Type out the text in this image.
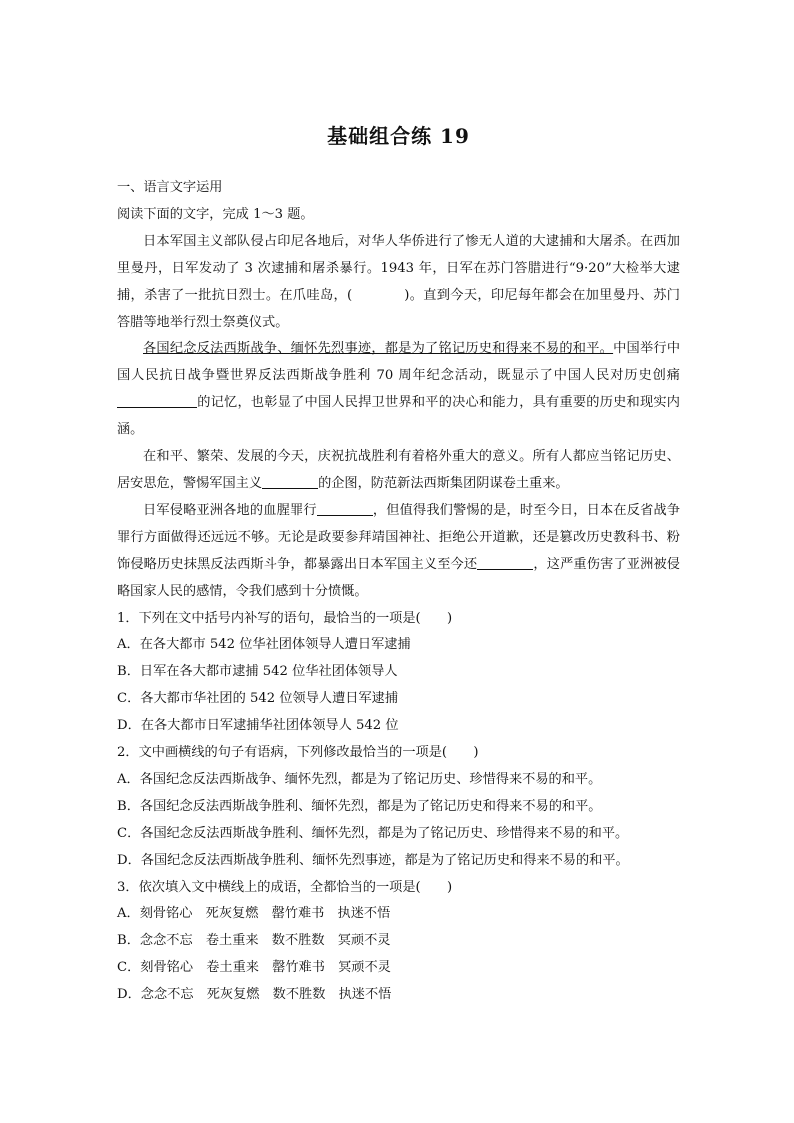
基础组合练 19

一、语言文字运用

阅读下面的文字，完成 1～3 题。

日本军国主义部队侵占印尼各地后，对华人华侨进行了惨无人道的大逮捕和大屠杀。在西加里曼丹，日军发动了 3 次逮捕和屠杀暴行。1943 年，日军在苏门答腊进行“9·20”大检举大逮捕，杀害了一批抗日烈士。在爪哇岛，(	)。直到今天，印尼每年都会在加里曼丹、苏门答腊等地举行烈士祭奠仪式。

各国纪念反法西斯战争、缅怀先烈事迹，都是为了铭记历史和得来不易的和平。中国举行中国人民抗日战争暨世界反法西斯战争胜利 70 周年纪念活动，既显示了中国人民对历史创痛的记忆，也彰显了中国人民捍卫世界和平的决心和能力，具有重要的历史和现实内涵。

在和平、繁荣、发展的今天，庆祝抗战胜利有着格外重大的意义。所有人都应当铭记历史、居安思危，警惕军国主义	的企图，防范新法西斯集团阴谋卷土重来。

日军侵略亚洲各地的血腥罪行	，但值得我们警惕的是，时至今日，日本在反省战争罪行方面做得还远远不够。无论是政要参拜靖国神社、拒绝公开道歉，还是篡改历史教科书、粉饰侵略历史抹黑反法西斯斗争，都暴露出日本军国主义至今还	，这严重伤害了亚洲被侵略国家人民的感情，令我们感到十分愤慨。

1．下列在文中括号内补写的语句，最恰当的一项是(　　)

A．在各大都市 542 位华社团体领导人遭日军逮捕

B．日军在各大都市逮捕 542 位华社团体领导人

C．各大都市华社团的 542 位领导人遭日军逮捕

D．在各大都市日军逮捕华社团体领导人 542 位

2．文中画横线的句子有语病，下列修改最恰当的一项是(　　)

A．各国纪念反法西斯战争、缅怀先烈，都是为了铭记历史、珍惜得来不易的和平。

B．各国纪念反法西斯战争胜利、缅怀先烈，都是为了铭记历史和得来不易的和平。

C．各国纪念反法西斯战争胜利、缅怀先烈，都是为了铭记历史、珍惜得来不易的和平。

D．各国纪念反法西斯战争胜利、缅怀先烈事迹，都是为了铭记历史和得来不易的和平。

3．依次填入文中横线上的成语，全都恰当的一项是(　　)

A．刻骨铭心　死灰复燃　罄竹难书　执迷不悟

B．念念不忘　卷土重来　数不胜数　冥顽不灵

C．刻骨铭心　卷土重来　罄竹难书　冥顽不灵

D．念念不忘　死灰复燃　数不胜数　执迷不悟
